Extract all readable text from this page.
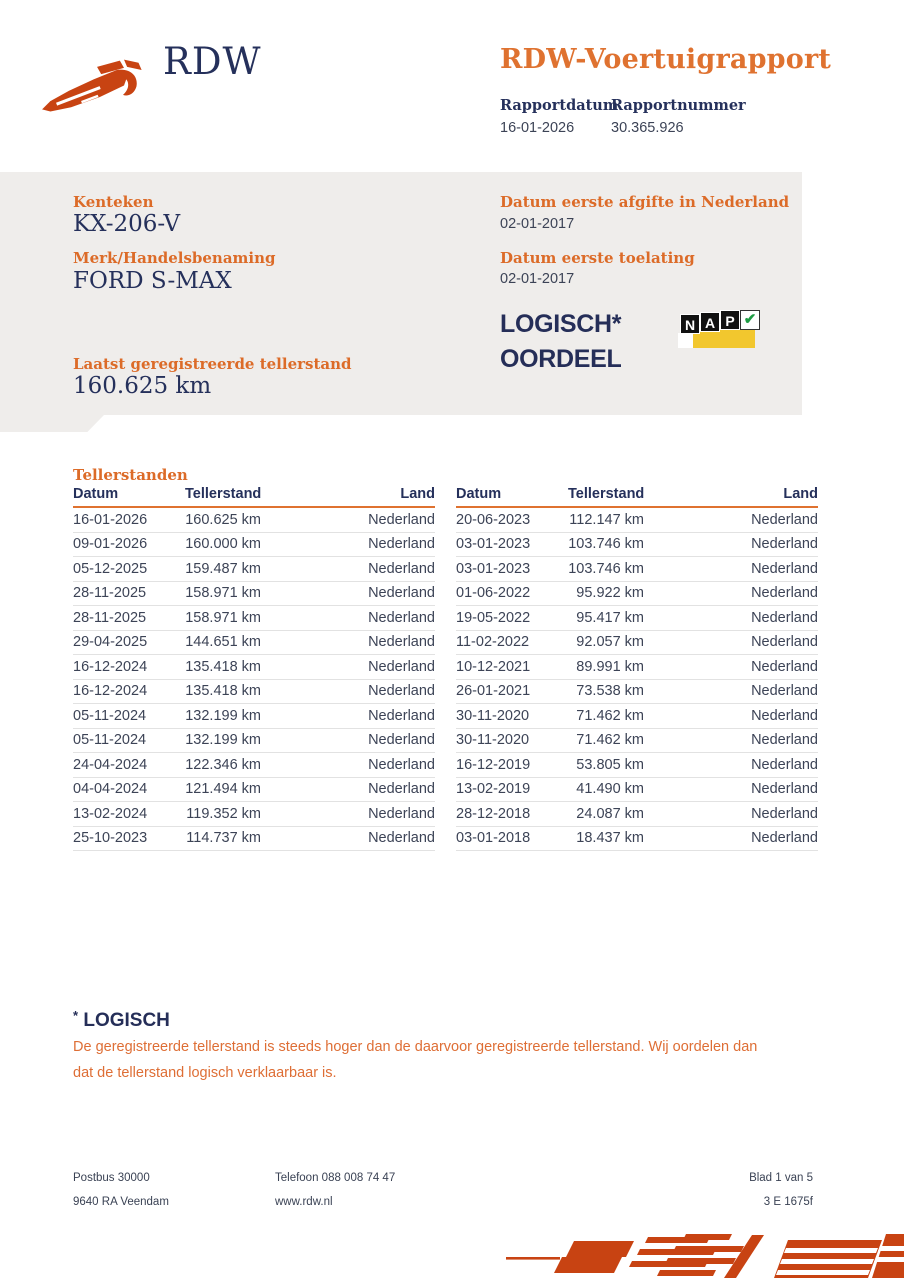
RDW	RDW-Voertuigrapport
Rapportdatum
16-01-2026
Rapportnummer
30.365.926
Kenteken
KX-206-V
Merk/Handelsbenaming
FORD S-MAX
Laatst geregistreerde tellerstand
160.625 km
Datum eerste afgifte in Nederland
02-01-2017
Datum eerste toelating
02-01-2017
LOGISCH*
OORDEEL
N A P ✔
Tellerstanden
Datum	Tellerstand	Land
16-01-2026	160.625 km	Nederland
09-01-2026	160.000 km	Nederland
05-12-2025	159.487 km	Nederland
28-11-2025	158.971 km	Nederland
28-11-2025	158.971 km	Nederland
29-04-2025	144.651 km	Nederland
16-12-2024	135.418 km	Nederland
16-12-2024	135.418 km	Nederland
05-11-2024	132.199 km	Nederland
05-11-2024	132.199 km	Nederland
24-04-2024	122.346 km	Nederland
04-04-2024	121.494 km	Nederland
13-02-2024	119.352 km	Nederland
25-10-2023	114.737 km	Nederland
Datum	Tellerstand	Land
20-06-2023	112.147 km	Nederland
03-01-2023	103.746 km	Nederland
03-01-2023	103.746 km	Nederland
01-06-2022	95.922 km	Nederland
19-05-2022	95.417 km	Nederland
11-02-2022	92.057 km	Nederland
10-12-2021	89.991 km	Nederland
26-01-2021	73.538 km	Nederland
30-11-2020	71.462 km	Nederland
30-11-2020	71.462 km	Nederland
16-12-2019	53.805 km	Nederland
13-02-2019	41.490 km	Nederland
28-12-2018	24.087 km	Nederland
03-01-2018	18.437 km	Nederland
* LOGISCH
De geregistreerde tellerstand is steeds hoger dan de daarvoor geregistreerde tellerstand. Wij oordelen dan dat de tellerstand logisch verklaarbaar is.
Postbus 30000
9640 RA Veendam
Telefoon 088 008 74 47
www.rdw.nl
Blad 1 van 5
3 E 1675f
